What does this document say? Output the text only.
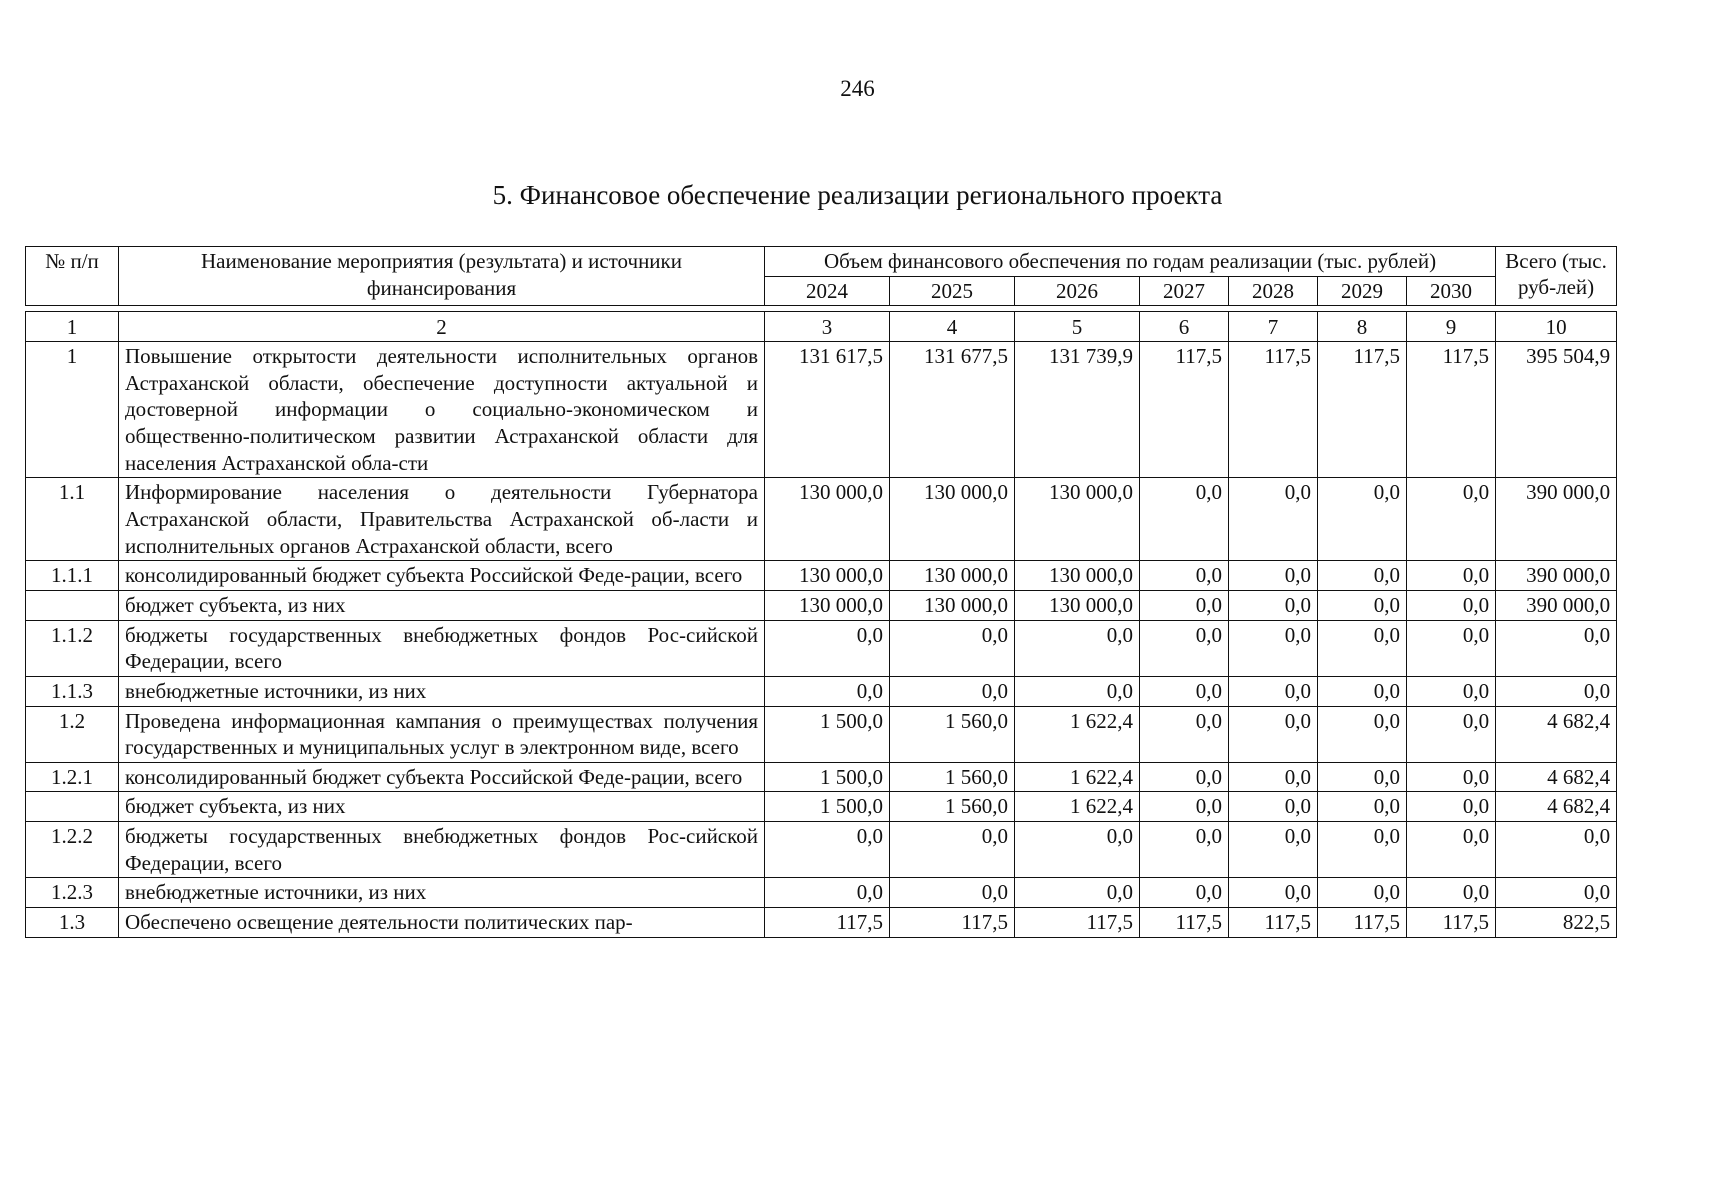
246
5. Финансовое обеспечение реализации регионального проекта
№ п/п	Наименование мероприятия (результата) и источники финансирования	Объем финансового обеспечения по годам реализации (тыс. рублей)							Всего (тыс. руб-лей)
		2024	2025	2026	2027	2028	2029	2030	

1	2	3	4	5	6	7	8	9	10
1	Повышение открытости деятельности исполнительных органов Астраханской области, обеспечение доступности актуальной и достоверной информации о социально-экономическом и общественно-политическом развитии Астраханской области для населения Астраханской обла-сти	131 617,5	131 677,5	131 739,9	117,5	117,5	117,5	117,5	395 504,9
1.1	Информирование населения о деятельности Губернатора Астраханской области, Правительства Астраханской об-ласти и исполнительных органов Астраханской области, всего	130 000,0	130 000,0	130 000,0	0,0	0,0	0,0	0,0	390 000,0
1.1.1	консолидированный бюджет субъекта Российской Феде-рации, всего	130 000,0	130 000,0	130 000,0	0,0	0,0	0,0	0,0	390 000,0
	бюджет субъекта, из них	130 000,0	130 000,0	130 000,0	0,0	0,0	0,0	0,0	390 000,0
1.1.2	бюджеты государственных внебюджетных фондов Рос-сийской Федерации, всего	0,0	0,0	0,0	0,0	0,0	0,0	0,0	0,0
1.1.3	внебюджетные источники, из них	0,0	0,0	0,0	0,0	0,0	0,0	0,0	0,0
1.2	Проведена информационная кампания о преимуществах получения государственных и муниципальных услуг в электронном виде, всего	1 500,0	1 560,0	1 622,4	0,0	0,0	0,0	0,0	4 682,4
1.2.1	консолидированный бюджет субъекта Российской Феде-рации, всего	1 500,0	1 560,0	1 622,4	0,0	0,0	0,0	0,0	4 682,4
	бюджет субъекта, из них	1 500,0	1 560,0	1 622,4	0,0	0,0	0,0	0,0	4 682,4
1.2.2	бюджеты государственных внебюджетных фондов Рос-сийской Федерации, всего	0,0	0,0	0,0	0,0	0,0	0,0	0,0	0,0
1.2.3	внебюджетные источники, из них	0,0	0,0	0,0	0,0	0,0	0,0	0,0	0,0
1.3	Обеспечено освещение деятельности политических пар-	117,5	117,5	117,5	117,5	117,5	117,5	117,5	822,5
